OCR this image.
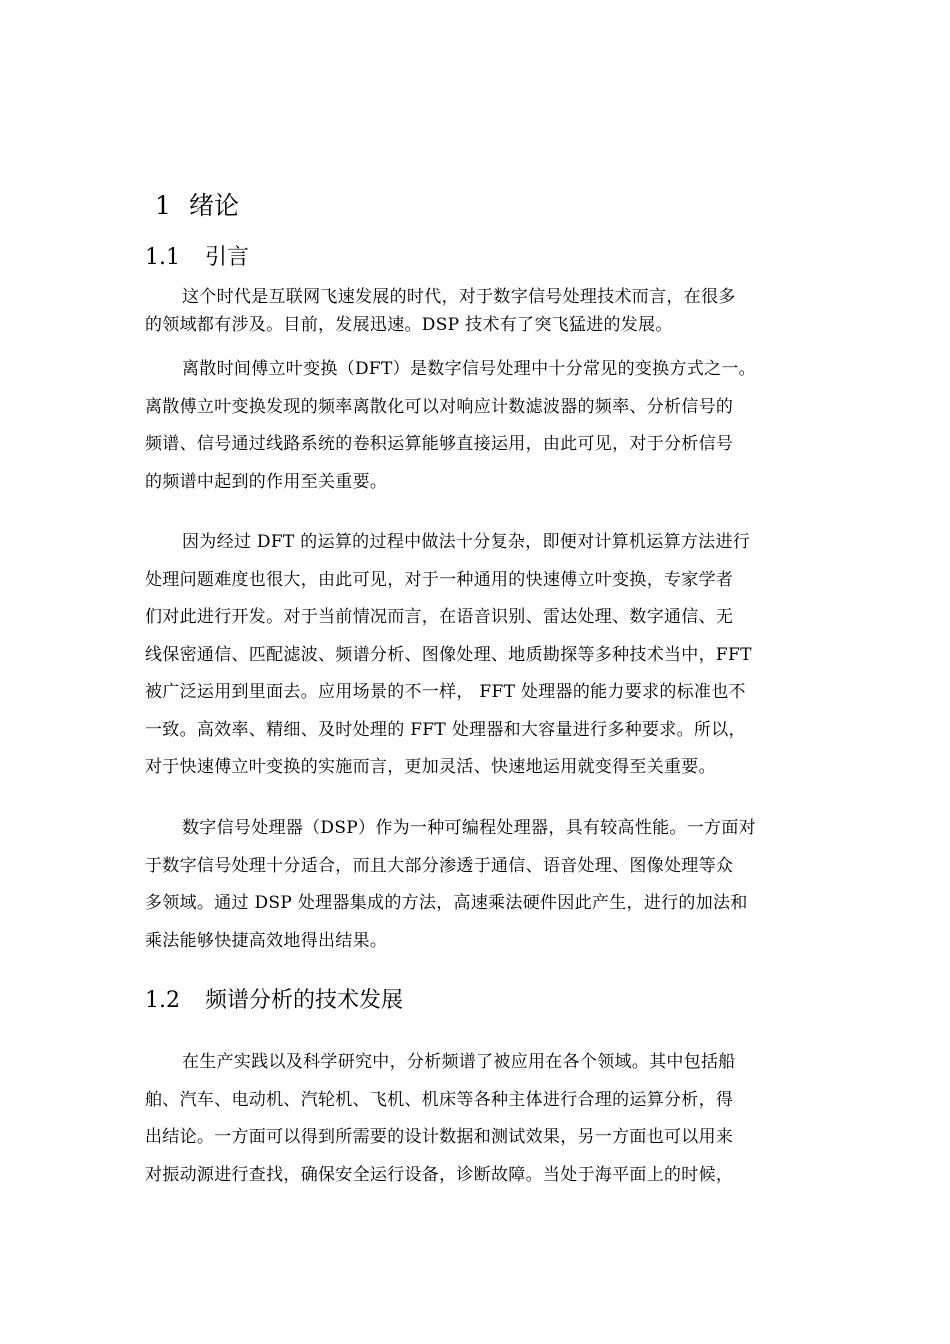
1 绪论
1.1 引言
这个时代是互联网飞速发展的时代，对于数字信号处理技术而言，在很多
的领域都有涉及。目前，发展迅速。DSP 技术有了突飞猛进的发展。
离散时间傅立叶变换（DFT）是数字信号处理中十分常见的变换方式之一。
离散傅立叶变换发现的频率离散化可以对响应计数滤波器的频率、分析信号的
频谱、信号通过线路系统的卷积运算能够直接运用，由此可见，对于分析信号
的频谱中起到的作用至关重要。
因为经过 DFT 的运算的过程中做法十分复杂，即便对计算机运算方法进行
处理问题难度也很大，由此可见，对于一种通用的快速傅立叶变换，专家学者
们对此进行开发。对于当前情况而言，在语音识别、雷达处理、数字通信、无
线保密通信、匹配滤波、频谱分析、图像处理、地质勘探等多种技术当中，FFT
被广泛运用到里面去。应用场景的不一样， FFT 处理器的能力要求的标准也不
一致。高效率、精细、及时处理的 FFT 处理器和大容量进行多种要求。所以，
对于快速傅立叶变换的实施而言，更加灵活、快速地运用就变得至关重要。
数字信号处理器（DSP）作为一种可编程处理器，具有较高性能。一方面对
于数字信号处理十分适合，而且大部分渗透于通信、语音处理、图像处理等众
多领域。通过 DSP 处理器集成的方法，高速乘法硬件因此产生，进行的加法和
乘法能够快捷高效地得出结果。
1.2 频谱分析的技术发展
在生产实践以及科学研究中，分析频谱了被应用在各个领域。其中包括船
舶、汽车、电动机、汽轮机、飞机、机床等各种主体进行合理的运算分析，得
出结论。一方面可以得到所需要的设计数据和测试效果，另一方面也可以用来
对振动源进行查找，确保安全运行设备，诊断故障。当处于海平面上的时候，
